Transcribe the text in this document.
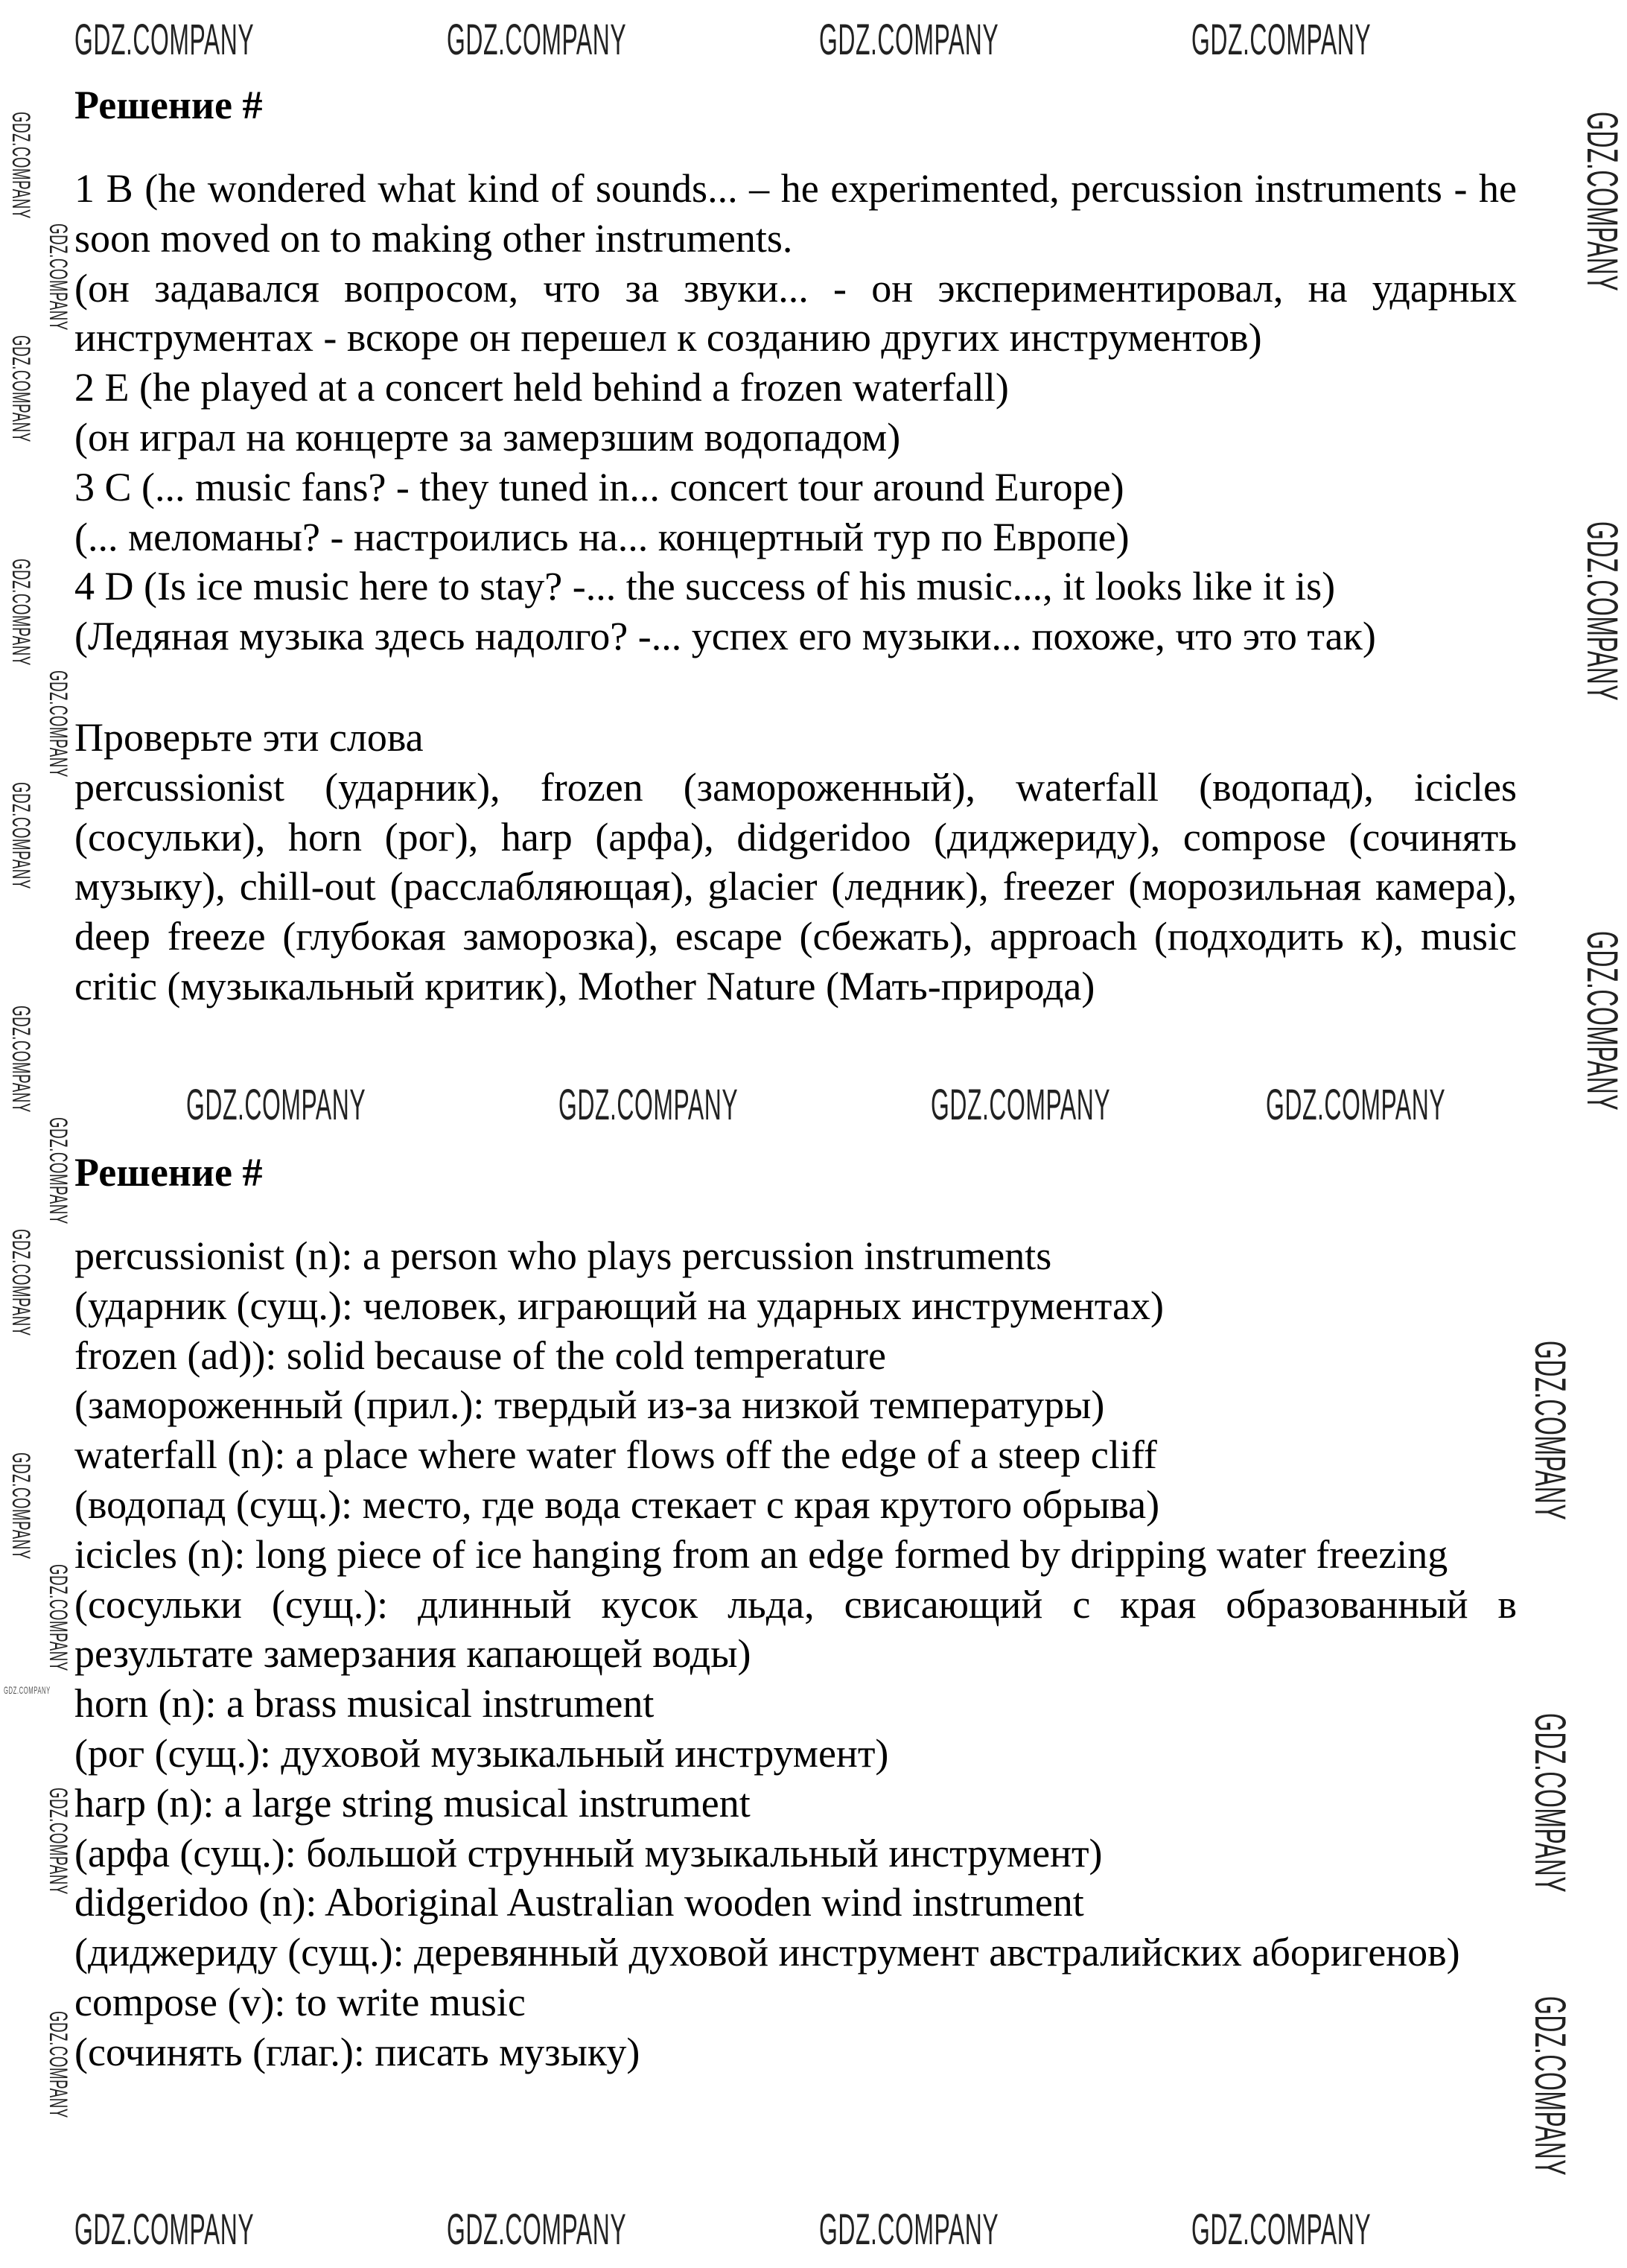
Решение #

1 B (he wondered what kind of sounds... – he experimented, percussion instruments - he soon moved on to making other instruments.

(он задавался вопросом, что за звуки... - он экспериментировал, на ударных инструментах - вскоре он перешел к созданию других инструментов)

2 E (he played at a concert held behind a frozen waterfall)

(он играл на концерте за замерзшим водопадом)

3 C (... music fans? - they tuned in... concert tour around Europe)

(... меломаны? - настроились на... концертный тур по Европе)

4 D (Is ice music here to stay? -... the success of his music..., it looks like it is)

(Ледяная музыка здесь надолго? -... успех его музыки... похоже, что это так)

Проверьте эти слова

percussionist (ударник), frozen (замороженный), waterfall (водопад), icicles (сосульки), horn (рог), harp (арфа), didgeridoo (диджериду), compose (сочинять музыку), chill-out (расслабляющая), glacier (ледник), freezer (морозильная камера), deep freeze (глубокая заморозка), escape (сбежать), approach (подходить к), music critic (музыкальный критик), Mother Nature (Мать-природа)

Решение #

percussionist (n): a person who plays percussion instruments

(ударник (сущ.): человек, играющий на ударных инструментах)

frozen (ad)): solid because of the cold temperature

(замороженный (прил.): твердый из-за низкой температуры)

waterfall (n): a place where water flows off the edge of a steep cliff

(водопад (сущ.): место, где вода стекает с края крутого обрыва)

icicles (n): long piece of ice hanging from an edge formed by dripping water freezing

(сосульки (сущ.): длинный кусок льда, свисающий с края образованный в результате замерзания капающей воды)

horn (n): a brass musical instrument

(рог (сущ.): духовой музыкальный инструмент)

harp (n): a large string musical instrument

(арфа (сущ.): большой струнный музыкальный инструмент)

didgeridoo (n): Aboriginal Australian wooden wind instrument

(диджериду (сущ.): деревянный духовой инструмент австралийских аборигенов)

compose (v): to write music

(сочинять (глаг.): писать музыку)

GDZ.COMPANY	GDZ.COMPANY	GDZ.COMPANY	GDZ.COMPANY
GDZ.COMPANY	GDZ.COMPANY	GDZ.COMPANY	GDZ.COMPANY
GDZ.COMPANY	GDZ.COMPANY	GDZ.COMPANY	GDZ.COMPANY
GDZ.COMPANY
GDZ.COMPANY
GDZ.COMPANY
GDZ.COMPANY
GDZ.COMPANY
GDZ.COMPANY
GDZ.COMPANY
GDZ.COMPANY
GDZ.COMPANY
GDZ.COMPANY
GDZ.COMPANY
GDZ.COMPANY
GDZ.COMPANY
GDZ.COMPANY
GDZ.COMPANY
GDZ.COMPANY
GDZ.COMPANY
GDZ.COMPANY
GDZ.COMPANY
GDZ.COMPANY
